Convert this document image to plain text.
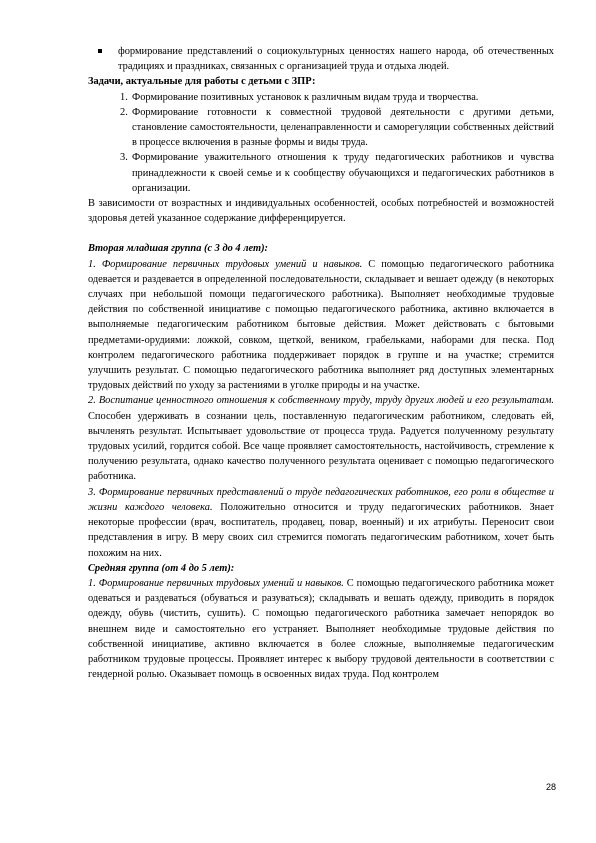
формирование представлений о социокультурных ценностях нашего народа, об отечественных традициях и праздниках, связанных с организацией труда и отдыха людей.

Задачи, актуальные для работы с детьми с ЗПР:

1. Формирование позитивных установок к различным видам труда и творчества.
2. Формирование готовности к совместной трудовой деятельности с другими детьми, становление самостоятельности, целенаправленности и саморегуляции собственных действий в процессе включения в разные формы и виды труда.
3. Формирование уважительного отношения к труду педагогических работников и чувства принадлежности к своей семье и к сообществу обучающихся и педагогических работников в организации.

В зависимости от возрастных и индивидуальных особенностей, особых потребностей и возможностей здоровья детей указанное содержание дифференцируется.

Вторая младшая группа (с 3 до 4 лет):

1. Формирование первичных трудовых умений и навыков. С помощью педагогического работника одевается и раздевается в определенной последовательности, складывает и вешает одежду (в некоторых случаях при небольшой помощи педагогического работника). Выполняет необходимые трудовые действия по собственной инициативе с помощью педагогического работника, активно включается в выполняемые педагогическим работником бытовые действия. Может действовать с бытовыми предметами-орудиями: ложкой, совком, щеткой, веником, грабельками, наборами для песка. Под контролем педагогического работника поддерживает порядок в группе и на участке; стремится улучшить результат. С помощью педагогического работника выполняет ряд доступных элементарных трудовых действий по уходу за растениями в уголке природы и на участке.

2. Воспитание ценностного отношения к собственному труду, труду других людей и его результатам. Способен удерживать в сознании цель, поставленную педагогическим работником, следовать ей, вычленять результат. Испытывает удовольствие от процесса труда. Радуется полученному результату трудовых усилий, гордится собой. Все чаще проявляет самостоятельность, настойчивость, стремление к получению результата, однако качество полученного результата оценивает с помощью педагогического работника.

3. Формирование первичных представлений о труде педагогических работников, его роли в обществе и жизни каждого человека. Положительно относится и труду педагогических работников. Знает некоторые профессии (врач, воспитатель, продавец, повар, военный) и их атрибуты. Переносит свои представления в игру. В меру своих сил стремится помогать педагогическим работником, хочет быть похожим на них.

Средняя группа (от 4 до 5 лет):

1. Формирование первичных трудовых умений и навыков. С помощью педагогического работника может одеваться и раздеваться (обуваться и разуваться); складывать и вешать одежду, приводить в порядок одежду, обувь (чистить, сушить). С помощью педагогического работника замечает непорядок во внешнем виде и самостоятельно его устраняет. Выполняет необходимые трудовые действия по собственной инициативе, активно включается в более сложные, выполняемые педагогическим работником трудовые процессы. Проявляет интерес к выбору трудовой деятельности в соответствии с гендерной ролью. Оказывает помощь в освоенных видах труда. Под контролем

28
